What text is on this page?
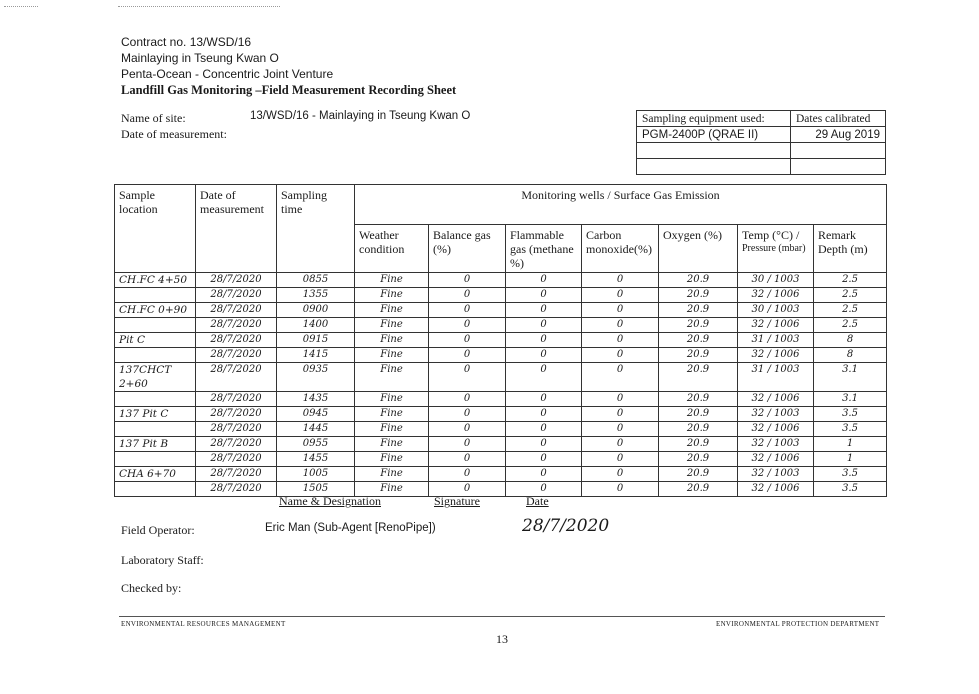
Contract no. 13/WSD/16
Mainlaying in Tseung Kwan O
Penta-Ocean - Concentric Joint Venture
Landfill Gas Monitoring –Field Measurement Recording Sheet
Name of site:
Date of measurement:
13/WSD/16 - Mainlaying in Tseung Kwan O	Sampling equipment used:	Dates calibrated
PGM-2400P (QRAE II)	29 Aug 2019

Sample location	Date of measurement	Sampling time	Monitoring wells / Surface Gas Emission						
			Weather condition	Balance gas (%)	Flammable gas (methane %)	Carbon monoxide(%)	Oxygen (%)	Temp (°C) /
Pressure (mbar)	Remark Depth (m)
CH.FC 4+50	28/7/2020	0855	Fine	0	0	0	20.9	30 / 1003	2.5
	28/7/2020	1355	Fine	0	0	0	20.9	32 / 1006	2.5
CH.FC 0+90	28/7/2020	0900	Fine	0	0	0	20.9	30 / 1003	2.5
	28/7/2020	1400	Fine	0	0	0	20.9	32 / 1006	2.5
Pit C	28/7/2020	0915	Fine	0	0	0	20.9	31 / 1003	8
	28/7/2020	1415	Fine	0	0	0	20.9	32 / 1006	8
137CHCT 2+60	28/7/2020	0935	Fine	0	0	0	20.9	31 / 1003	3.1
	28/7/2020	1435	Fine	0	0	0	20.9	32 / 1006	3.1
137 Pit C	28/7/2020	0945	Fine	0	0	0	20.9	32 / 1003	3.5
	28/7/2020	1445	Fine	0	0	0	20.9	32 / 1006	3.5
137 Pit B	28/7/2020	0955	Fine	0	0	0	20.9	32 / 1003	1
	28/7/2020	1455	Fine	0	0	0	20.9	32 / 1006	1
CHA 6+70	28/7/2020	1005	Fine	0	0	0	20.9	32 / 1003	3.5
	28/7/2020	1505	Fine	0	0	0	20.9	32 / 1006	3.5
Name & Designation	Signature	Date
Field Operator:	Eric Man (Sub-Agent [RenoPipe])	28/7/2020
Laboratory Staff:
Checked by:
ENVIRONMENTAL RESOURCES MANAGEMENT	ENVIRONMENTAL PROTECTION DEPARTMENT
13
